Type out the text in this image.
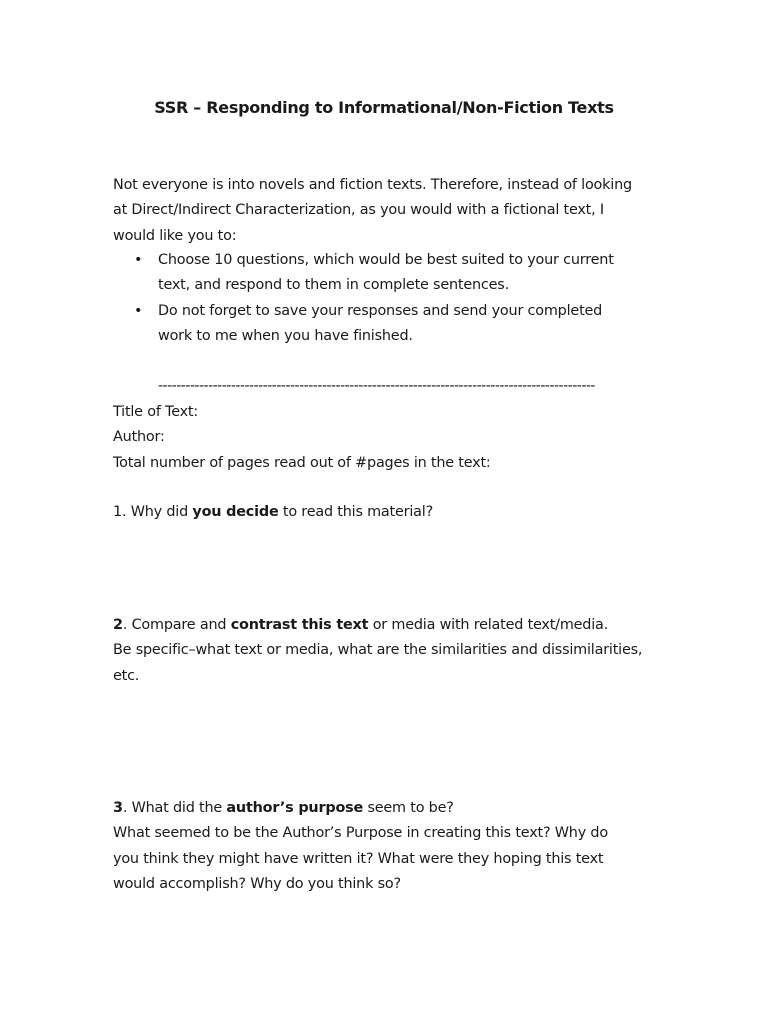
SSR – Responding to Informational/Non-Fiction Texts
Not everyone is into novels and fiction texts. Therefore, instead of looking
at Direct/Indirect Characterization, as you would with a fictional text, I
would like you to:
• Choose 10 questions, which would be best suited to your current
text, and respond to them in complete sentences.
• Do not forget to save your responses and send your completed
work to me when you have finished.
------------------------------------------------------------------------------------------------
Title of Text:
Author:
Total number of pages read out of #pages in the text:
1. Why did you decide to read this material?
2. Compare and contrast this text or media with related text/media.
Be specific–what text or media, what are the similarities and dissimilarities,
etc.
3. What did the author’s purpose seem to be?
What seemed to be the Author’s Purpose in creating this text? Why do
you think they might have written it? What were they hoping this text
would accomplish? Why do you think so?
